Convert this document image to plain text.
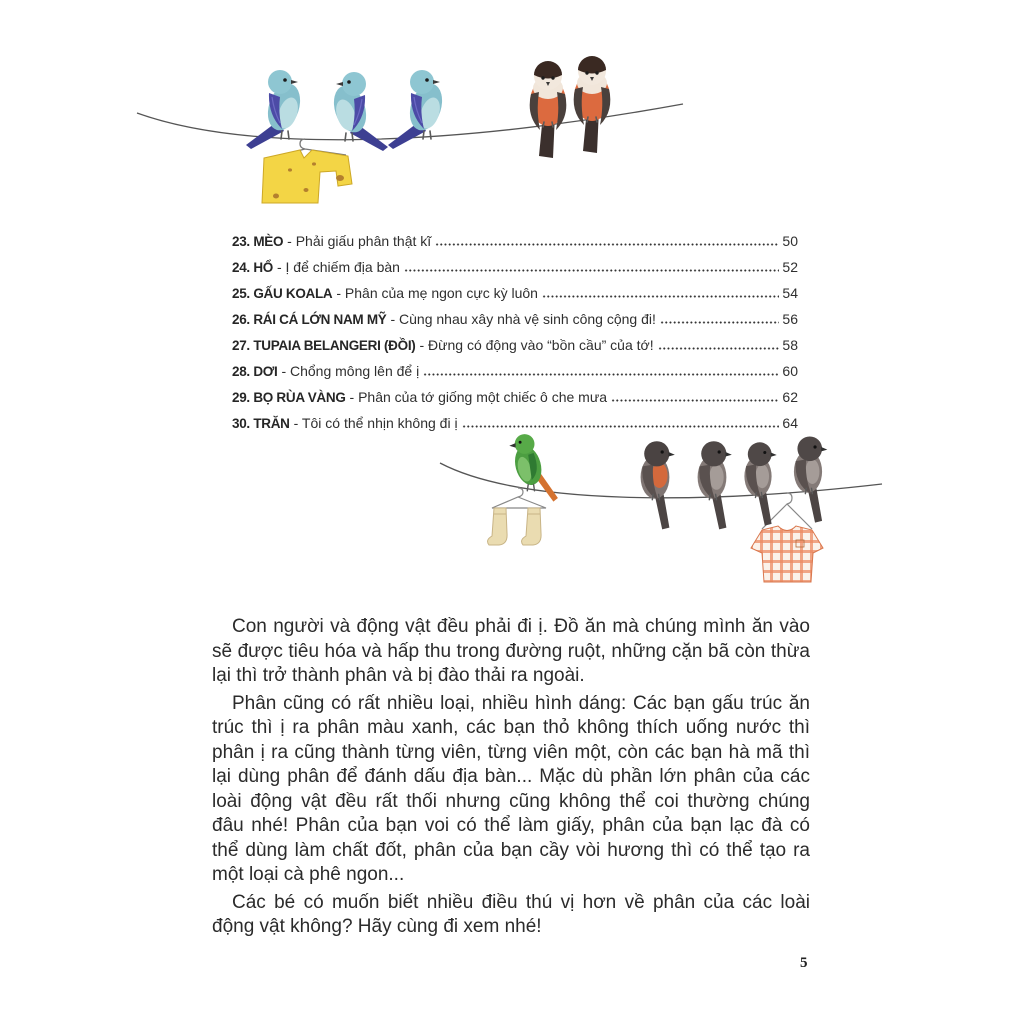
23. MÈO - Phải giấu phân thật kĩ	50
24. HỔ - Ị để chiếm địa bàn	52
25. GẤU KOALA - Phân của mẹ ngon cực kỳ luôn	54
26. RÁI CÁ LỚN NAM MỸ - Cùng nhau xây nhà vệ sinh công cộng đi!	56
27. TUPAIA BELANGERI (ĐỒI) - Đừng có động vào “bồn cầu” của tớ!	58
28. DƠI - Chổng mông lên để ị	60
29. BỌ RÙA VÀNG - Phân của tớ giống một chiếc ô che mưa	62
30. TRĂN - Tôi có thể nhịn không đi ị	64
Con người và động vật đều phải đi ị. Đồ ăn mà chúng mình ăn vào
sẽ được tiêu hóa và hấp thu trong đường ruột, những cặn bã còn thừa
lại thì trở thành phân và bị đào thải ra ngoài.
Phân cũng có rất nhiều loại, nhiều hình dáng: Các bạn gấu trúc ăn
trúc thì ị ra phân màu xanh, các bạn thỏ không thích uống nước thì
phân ị ra cũng thành từng viên, từng viên một, còn các bạn hà mã thì
lại dùng phân để đánh dấu địa bàn... Mặc dù phần lớn phân của các
loài động vật đều rất thối nhưng cũng không thể coi thường chúng
đâu nhé! Phân của bạn voi có thể làm giấy, phân của bạn lạc đà có
thể dùng làm chất đốt, phân của bạn cầy vòi hương thì có thể tạo ra
một loại cà phê ngon...
Các bé có muốn biết nhiều điều thú vị hơn về phân của các loài
động vật không? Hãy cùng đi xem nhé!
5
